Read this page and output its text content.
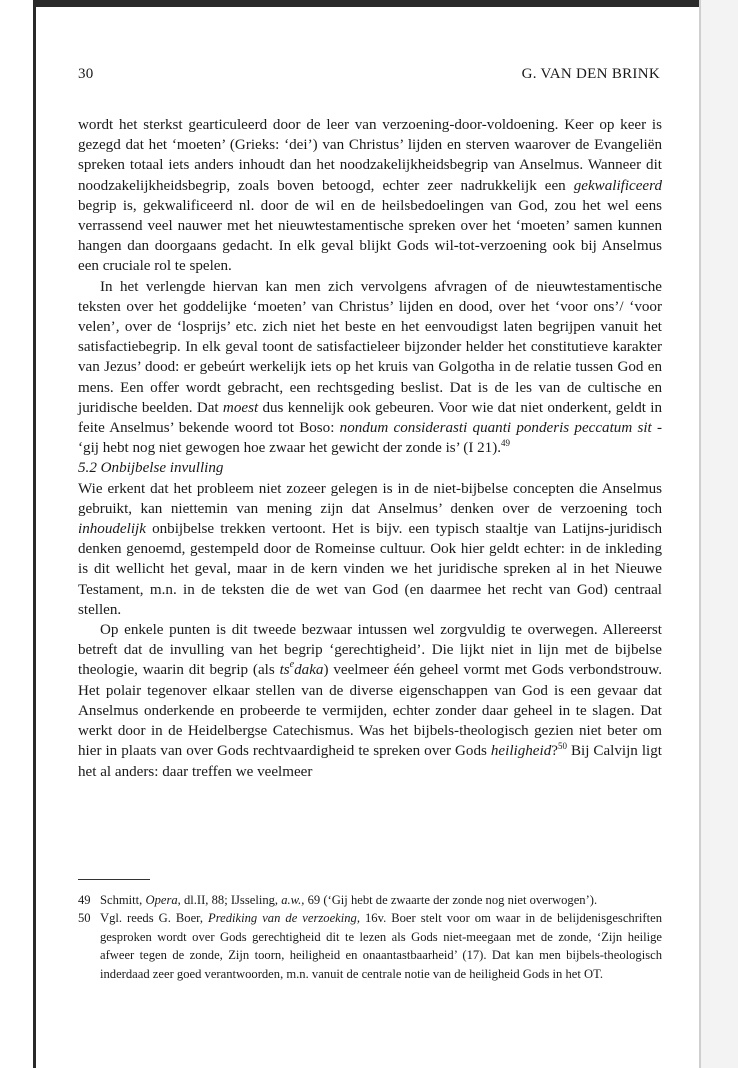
30	G. VAN DEN BRINK

wordt het sterkst gearticuleerd door de leer van verzoening-door-voldoening. Keer op keer is gezegd dat het ‘moeten’ (Grieks: ‘dei’) van Christus’ lijden en sterven waarover de Evangeliën spreken totaal iets anders inhoudt dan het noodzakelijkheidsbegrip van Anselmus. Wanneer dit noodzakelijkheidsbegrip, zoals boven betoogd, echter zeer nadrukkelijk een gekwalificeerd begrip is, gekwalificeerd nl. door de wil en de heilsbedoelingen van God, zou het wel eens verrassend veel nauwer met het nieuwtestamentische spreken over het ‘moeten’ samen kunnen hangen dan doorgaans gedacht. In elk geval blijkt Gods wil-tot-verzoening ook bij Anselmus een cruciale rol te spelen.

In het verlengde hiervan kan men zich vervolgens afvragen of de nieuwtestamentische teksten over het goddelijke ‘moeten’ van Christus’ lijden en dood, over het ‘voor ons’/ ‘voor velen’, over de ‘losprijs’ etc. zich niet het beste en het eenvoudigst laten begrijpen vanuit het satisfactiebegrip. In elk geval toont de satisfactieleer bijzonder helder het constitutieve karakter van Jezus’ dood: er gebeúrt werkelijk iets op het kruis van Golgotha in de relatie tussen God en mens. Een offer wordt gebracht, een rechtsgeding beslist. Dat is de les van de cultische en juridische beelden. Dat moest dus kennelijk ook gebeuren. Voor wie dat niet onderkent, geldt in feite Anselmus’ bekende woord tot Boso: nondum considerasti quanti ponderis peccatum sit - ‘gij hebt nog niet gewogen hoe zwaar het gewicht der zonde is’ (I 21).$^{49}$

5.2 Onbijbelse invulling

Wie erkent dat het probleem niet zozeer gelegen is in de niet-bijbelse concepten die Anselmus gebruikt, kan niettemin van mening zijn dat Anselmus’ denken over de verzoening toch inhoudelijk onbijbelse trekken vertoont. Het is bijv. een typisch staaltje van Latijns-juridisch denken genoemd, gestempeld door de Romeinse cultuur. Ook hier geldt echter: in de inkleding is dit wellicht het geval, maar in de kern vinden we het juridische spreken al in het Nieuwe Testament, m.n. in de teksten die de wet van God (en daarmee het recht van God) centraal stellen.

Op enkele punten is dit tweede bezwaar intussen wel zorgvuldig te overwegen. Allereerst betreft dat de invulling van het begrip ‘gerechtigheid’. Die lijkt niet in lijn met de bijbelse theologie, waarin dit begrip (als $ts^edaka$) veelmeer één geheel vormt met Gods verbondstrouw. Het polair tegenover elkaar stellen van de diverse eigenschappen van God is een gevaar dat Anselmus onderkende en probeerde te vermijden, echter zonder daar geheel in te slagen. Dat werkt door in de Heidelbergse Catechismus. Was het bijbels-theologisch gezien niet beter om hier in plaats van over Gods rechtvaardigheid te spreken over Gods heiligheid?$^{50}$ Bij Calvijn ligt het al anders: daar treffen we veelmeer

49 Schmitt, Opera, dl.II, 88; IJsseling, a.w., 69 (‘Gij hebt de zwaarte der zonde nog niet overwogen’).
50 Vgl. reeds G. Boer, Prediking van de verzoeking, 16v. Boer stelt voor om waar in de belijdenisgeschriften gesproken wordt over Gods gerechtigheid dit te lezen als Gods niet-meegaan met de zonde, ‘Zijn heilige afweer tegen de zonde, Zijn toorn, heiligheid en onaantastbaarheid’ (17). Dat kan men bijbels-theologisch inderdaad zeer goed verantwoorden, m.n. vanuit de centrale notie van de heiligheid Gods in het OT.
